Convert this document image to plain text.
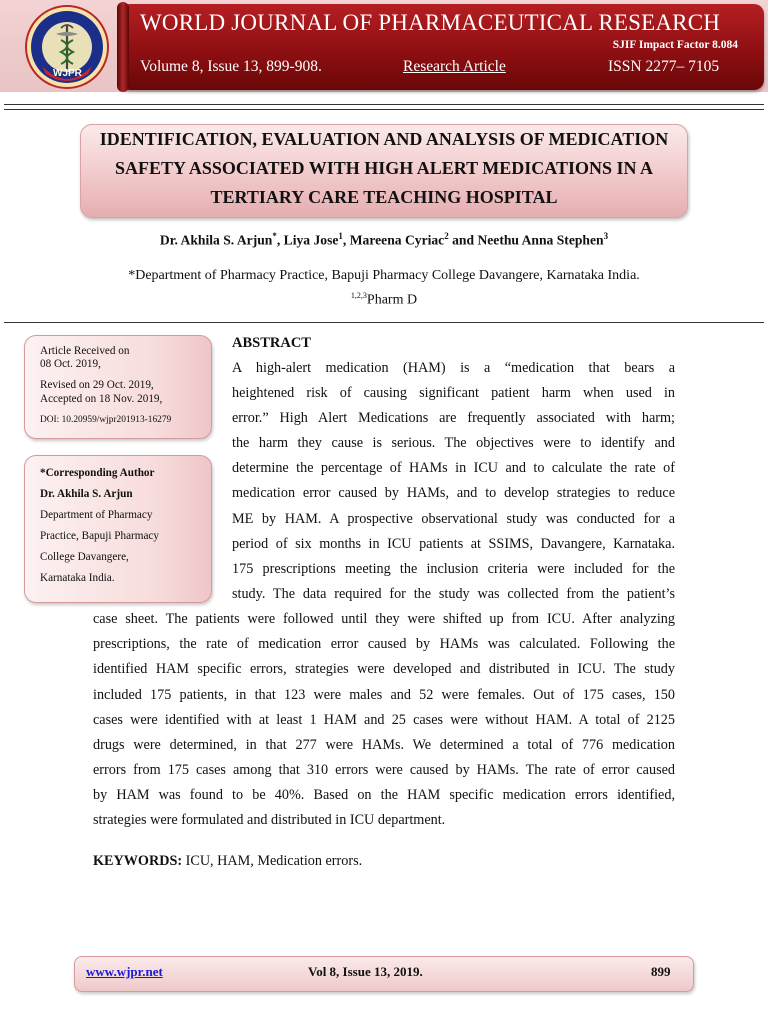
WJPR
WORLD JOURNAL OF PHARMACEUTICAL RESEARCH
SJIF Impact Factor 8.084
Volume 8, Issue 13, 899-908.	Research Article	ISSN 2277– 7105
IDENTIFICATION, EVALUATION AND ANALYSIS OF MEDICATION
SAFETY ASSOCIATED WITH HIGH ALERT MEDICATIONS IN A
TERTIARY CARE TEACHING HOSPITAL
Dr. Akhila S. Arjun*, Liya Jose$^1$, Mareena Cyriac$^2$ and Neethu Anna Stephen$^3$
*Department of Pharmacy Practice, Bapuji Pharmacy College Davangere, Karnataka India.
$^{1,2,3}$Pharm D
Article Received on
08 Oct. 2019,
Revised on 29 Oct. 2019,
Accepted on 18 Nov. 2019,
DOI: 10.20959/wjpr201913-16279
*Corresponding Author
Dr. Akhila S. Arjun
Department of Pharmacy
Practice, Bapuji Pharmacy
College Davangere,
Karnataka India.
ABSTRACT
A high-alert medication (HAM) is a “medication that bears a
heightened risk of causing significant patient harm when used in
error.” High Alert Medications are frequently associated with harm;
the harm they cause is serious. The objectives were to identify and
determine the percentage of HAMs in ICU and to calculate the rate of
medication error caused by HAMs, and to develop strategies to reduce
ME by HAM. A prospective observational study was conducted for a
period of six months in ICU patients at SSIMS, Davangere, Karnataka.
175 prescriptions meeting the inclusion criteria were included for the
study. The data required for the study was collected from the patient’s
case sheet. The patients were followed until they were shifted up from ICU. After analyzing
prescriptions, the rate of medication error caused by HAMs was calculated. Following the
identified HAM specific errors, strategies were developed and distributed in ICU. The study
included 175 patients, in that 123 were males and 52 were females. Out of 175 cases, 150
cases were identified with at least 1 HAM and 25 cases were without HAM. A total of 2125
drugs were determined, in that 277 were HAMs. We determined a total of 776 medication
errors from 175 cases among that 310 errors were caused by HAMs. The rate of error caused
by HAM was found to be 40%. Based on the HAM specific medication errors identified,
strategies were formulated and distributed in ICU department.
KEYWORDS: ICU, HAM, Medication errors.
www.wjpr.net	Vol 8, Issue 13, 2019.	899
